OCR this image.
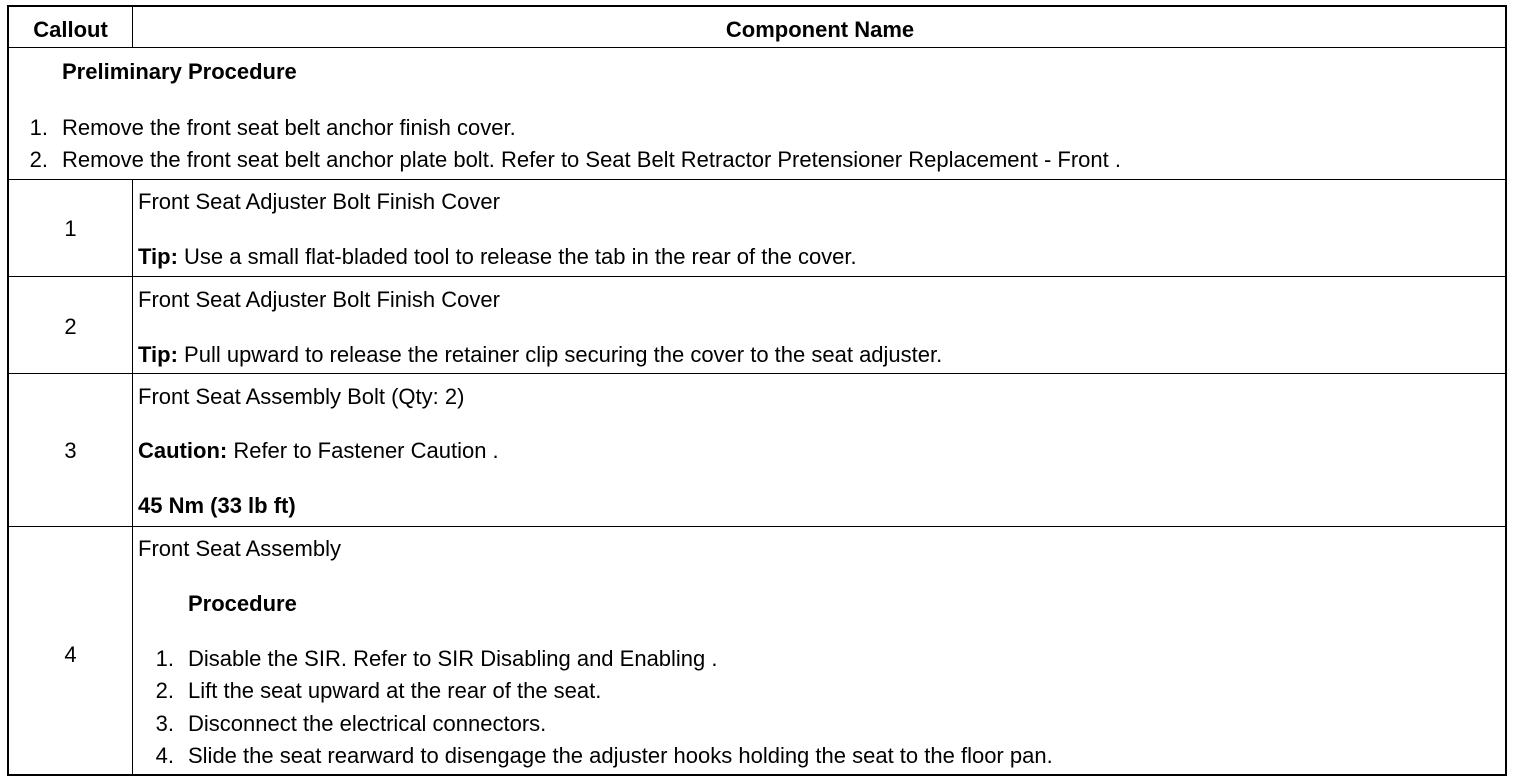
Callout	Component Name
Preliminary Procedure
1. Remove the front seat belt anchor finish cover.
2. Remove the front seat belt anchor plate bolt. Refer to Seat Belt Retractor Pretensioner Replacement - Front .
1
Front Seat Adjuster Bolt Finish Cover
Tip: Use a small flat-bladed tool to release the tab in the rear of the cover.
2
Front Seat Adjuster Bolt Finish Cover
Tip: Pull upward to release the retainer clip securing the cover to the seat adjuster.
3
Front Seat Assembly Bolt (Qty: 2)
Caution: Refer to Fastener Caution .
45 Nm (33 lb ft)
4
Front Seat Assembly
Procedure
1. Disable the SIR. Refer to SIR Disabling and Enabling .
2. Lift the seat upward at the rear of the seat.
3. Disconnect the electrical connectors.
4. Slide the seat rearward to disengage the adjuster hooks holding the seat to the floor pan.
